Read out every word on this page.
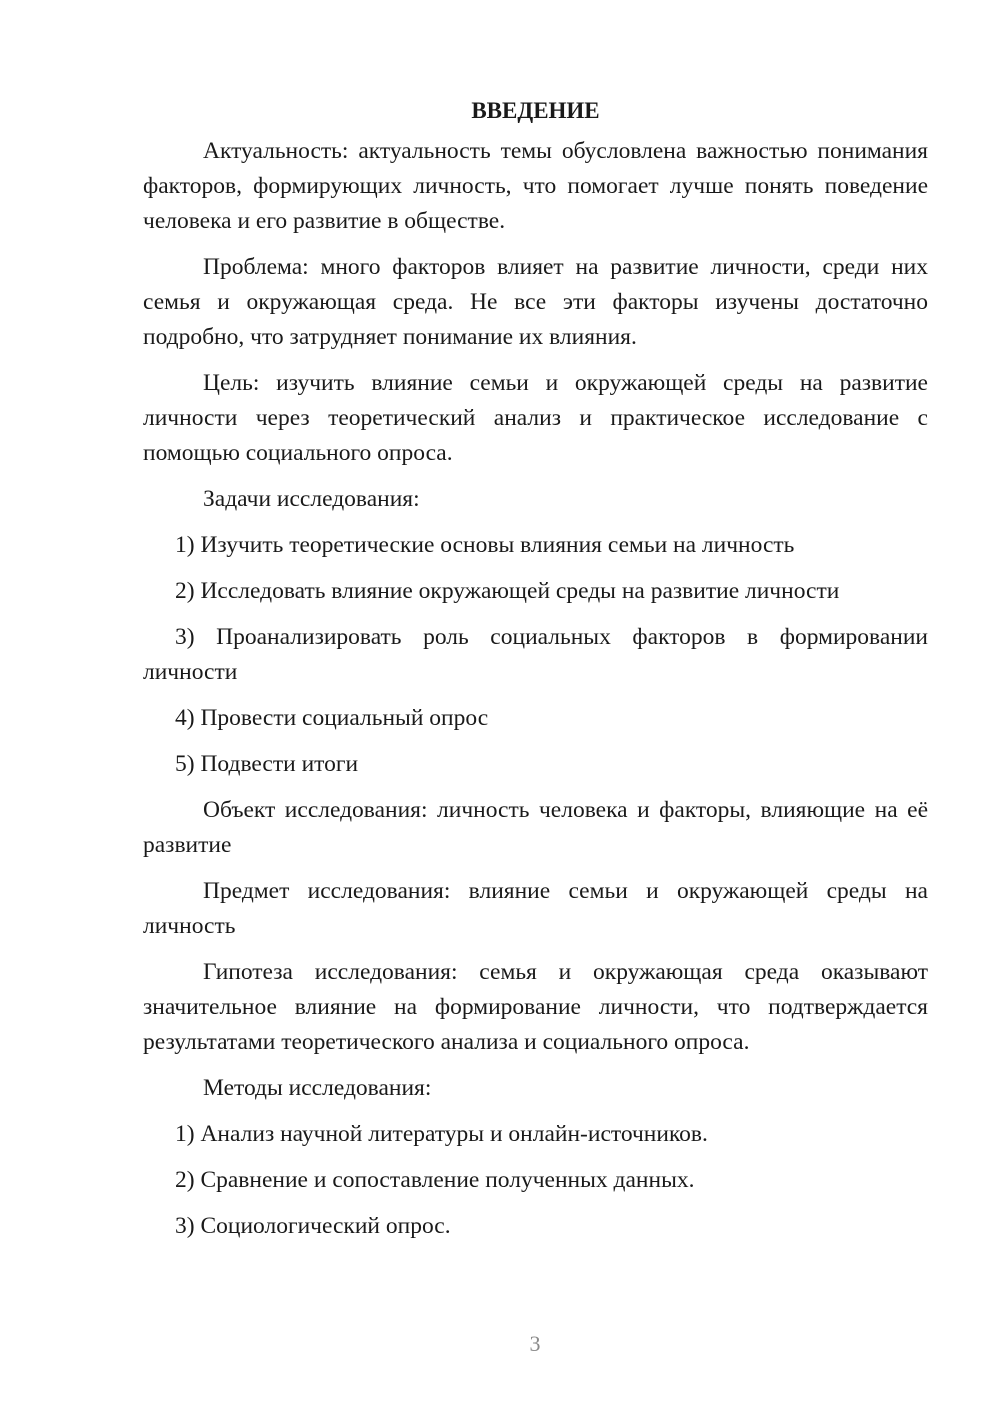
ВВЕДЕНИЕ
Актуальность: актуальность темы обусловлена важностью понимания факторов, формирующих личность, что помогает лучше понять поведение человека и его развитие в обществе.
Проблема: много факторов влияет на развитие личности, среди них семья и окружающая среда. Не все эти факторы изучены достаточно подробно, что затрудняет понимание их влияния.
Цель: изучить влияние семьи и окружающей среды на развитие личности через теоретический анализ и практическое исследование с помощью социального опроса.
Задачи исследования:
1) Изучить теоретические основы влияния семьи на личность
2) Исследовать влияние окружающей среды на развитие личности
3) Проанализировать роль социальных факторов в формировании личности
4) Провести социальный опрос
5) Подвести итоги
Объект исследования: личность человека и факторы, влияющие на её развитие
Предмет исследования: влияние семьи и окружающей среды на личность
Гипотеза исследования: семья и окружающая среда оказывают значительное влияние на формирование личности, что подтверждается результатами теоретического анализа и социального опроса.
Методы исследования:
1) Анализ научной литературы и онлайн-источников.
2) Сравнение и сопоставление полученных данных.
3) Социологический опрос.
3
